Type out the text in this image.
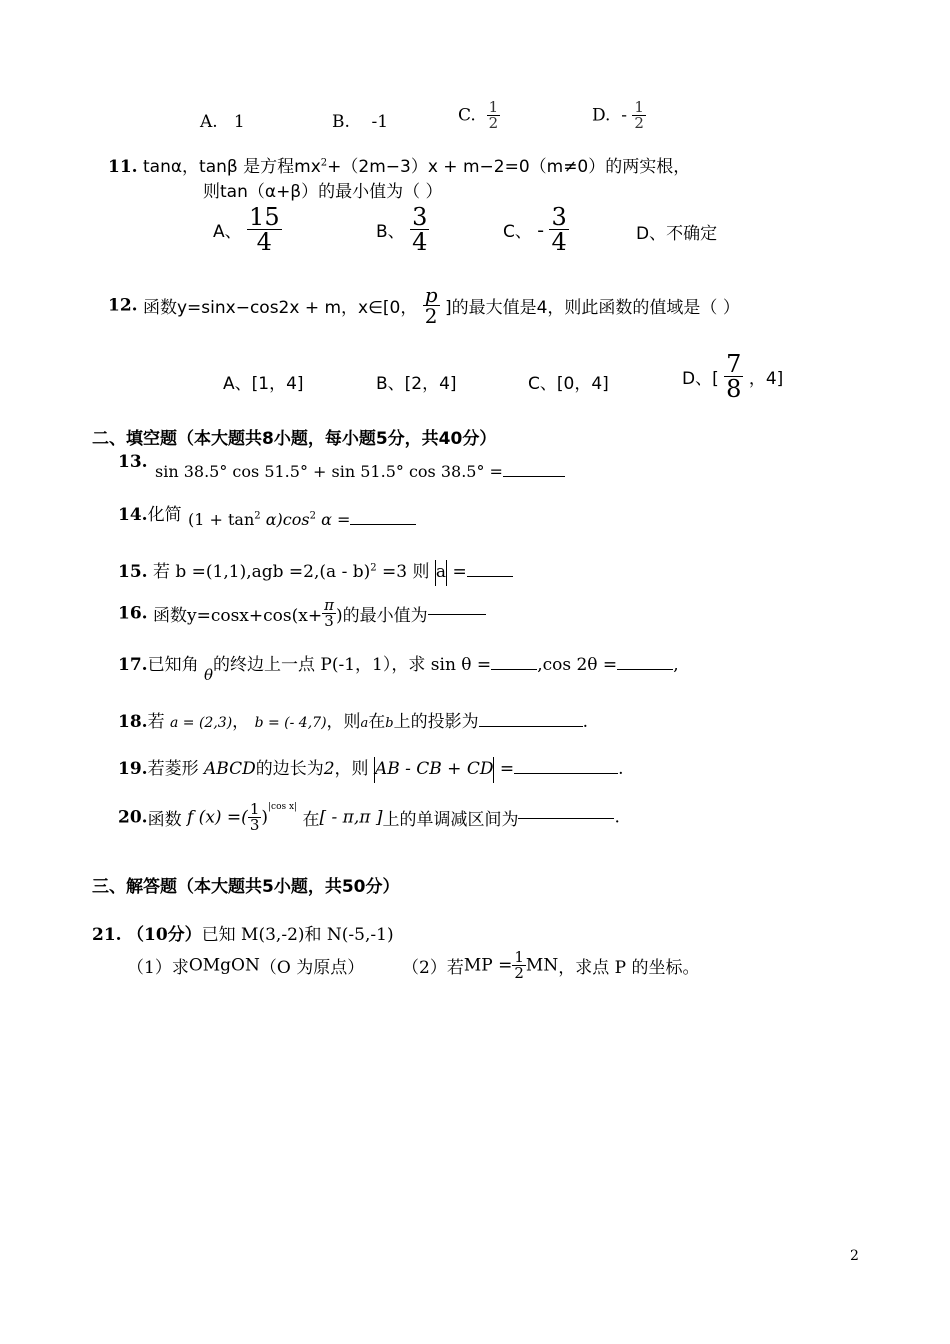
A. 1	B. -1	C. $\frac{1}{2}$	D. - $\frac{1}{2}$
11. tanα，tanβ 是方程$mx^2+(2m-3)x + m-2=0(m\ne 0)$的两实根，
则tan（α+β）的最小值为（ ）
A、 $\frac{15}{4}$	B、 $\frac{3}{4}$	C、 - $\frac{3}{4}$	D、不确定
12. 函数y=sinx−cos2x + m，x∈[0， $\frac{p}{2}$ ]的最大值是4，则此函数的值域是（ ）
A、[1，4]	B、[2，4]	C、[0，4]	D、[ $\frac{7}{8}$ ，4]
二、填空题（本大题共8小题，每小题5分，共40分）
13. sin 38.5° cos 51.5° + sin 51.5° cos 38.5° =
14.化简 $(1 + \tan^2 \alpha)\cos^2$ α =
15. 若 b =(1,1),agb =2,(a - b)$^2$ =3 则 a =
16. 函数$y=\cos x+\cos(x+ \frac{\pi}{3}$ )的最小值为
17.已知角 θ的终边上一点 P(-1，1），求 sin θ =	,cos 2θ =	,
18.若 a = (2,3)， b = (- 4,7)，则a在b上的投影为	.
19.若菱形 ABCD的边长为2，则 AB - CB + CD =	.
20.函数 f (x) =( $\frac{1}{3} )^{|cos x|}$ 在[ - π,π ]上的单调减区间为	.
三、解答题（本大题共5小题，共50分）
21. （10分）已知 M(3,-2)和 N(-5,-1)
（1）求OMgON（O 为原点） （2）若MP = $\frac{1}{2}$ MN，求点 P 的坐标。
2
